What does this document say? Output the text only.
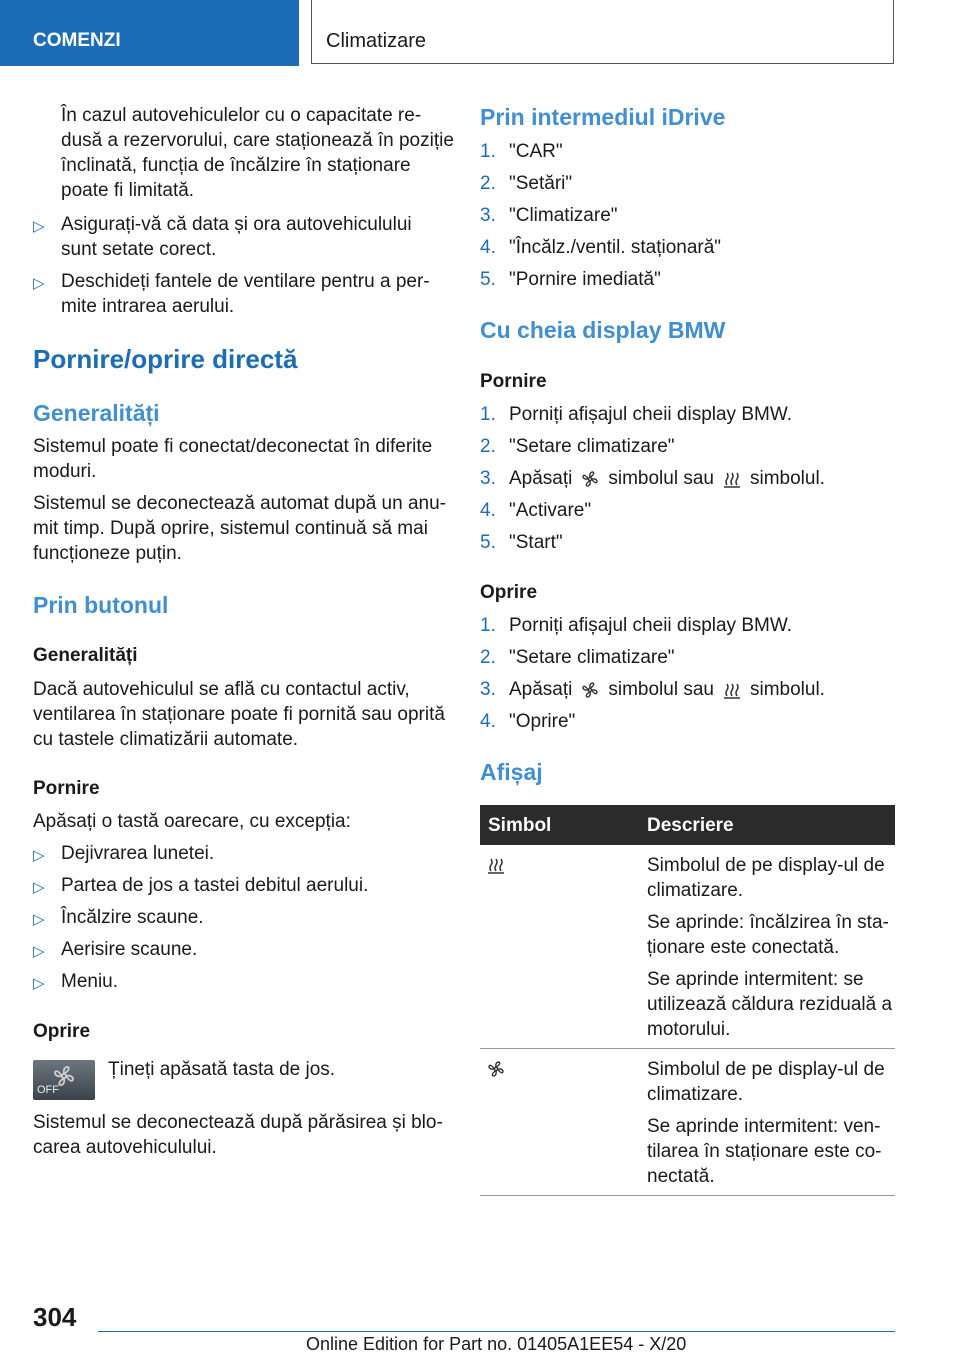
COMENZI	Climatizare
În cazul autovehiculelor cu o capacitate re-
dusă a rezervorului, care staționează în poziție
înclinată, funcția de încălzire în staționare
poate fi limitată.
▷ Asigurați-vă că data și ora autovehiculului
sunt setate corect.
▷ Deschideți fantele de ventilare pentru a per-
mite intrarea aerului.
Pornire/oprire directă
Generalități
Sistemul poate fi conectat/deconectat în diferite
moduri.
Sistemul se deconectează automat după un anu-
mit timp. După oprire, sistemul continuă să mai
funcționeze puțin.
Prin butonul
Generalități
Dacă autovehiculul se află cu contactul activ,
ventilarea în staționare poate fi pornită sau oprită
cu tastele climatizării automate.
Pornire
Apăsați o tastă oarecare, cu excepția:
▷ Dejivrarea lunetei.
▷ Partea de jos a tastei debitul aerului.
▷ Încălzire scaune.
▷ Aerisire scaune.
▷ Meniu.
Oprire
OFF
Țineți apăsată tasta de jos.
Sistemul se deconectează după părăsirea și blo-
carea autovehiculului.
Prin intermediul iDrive
1. "CAR"
2. "Setări"
3. "Climatizare"
4. "Încălz./ventil. staționară"
5. "Pornire imediată"
Cu cheia display BMW
Pornire
1. Porniți afișajul cheii display BMW.
2. "Setare climatizare"
3. Apăsați simbolul sau simbolul.
4. "Activare"
5. "Start"
Oprire
1. Porniți afișajul cheii display BMW.
2. "Setare climatizare"
3. Apăsați simbolul sau simbolul.
4. "Oprire"
Afișaj
Simbol	Descriere
Simbolul de pe display-ul de
climatizare.
Se aprinde: încălzirea în sta-
ționare este conectată.
Se aprinde intermitent: se
utilizează căldura reziduală a
motorului.
Simbolul de pe display-ul de
climatizare.
Se aprinde intermitent: ven-
tilarea în staționare este co-
nectată.
304
Online Edition for Part no. 01405A1EE54 - X/20
